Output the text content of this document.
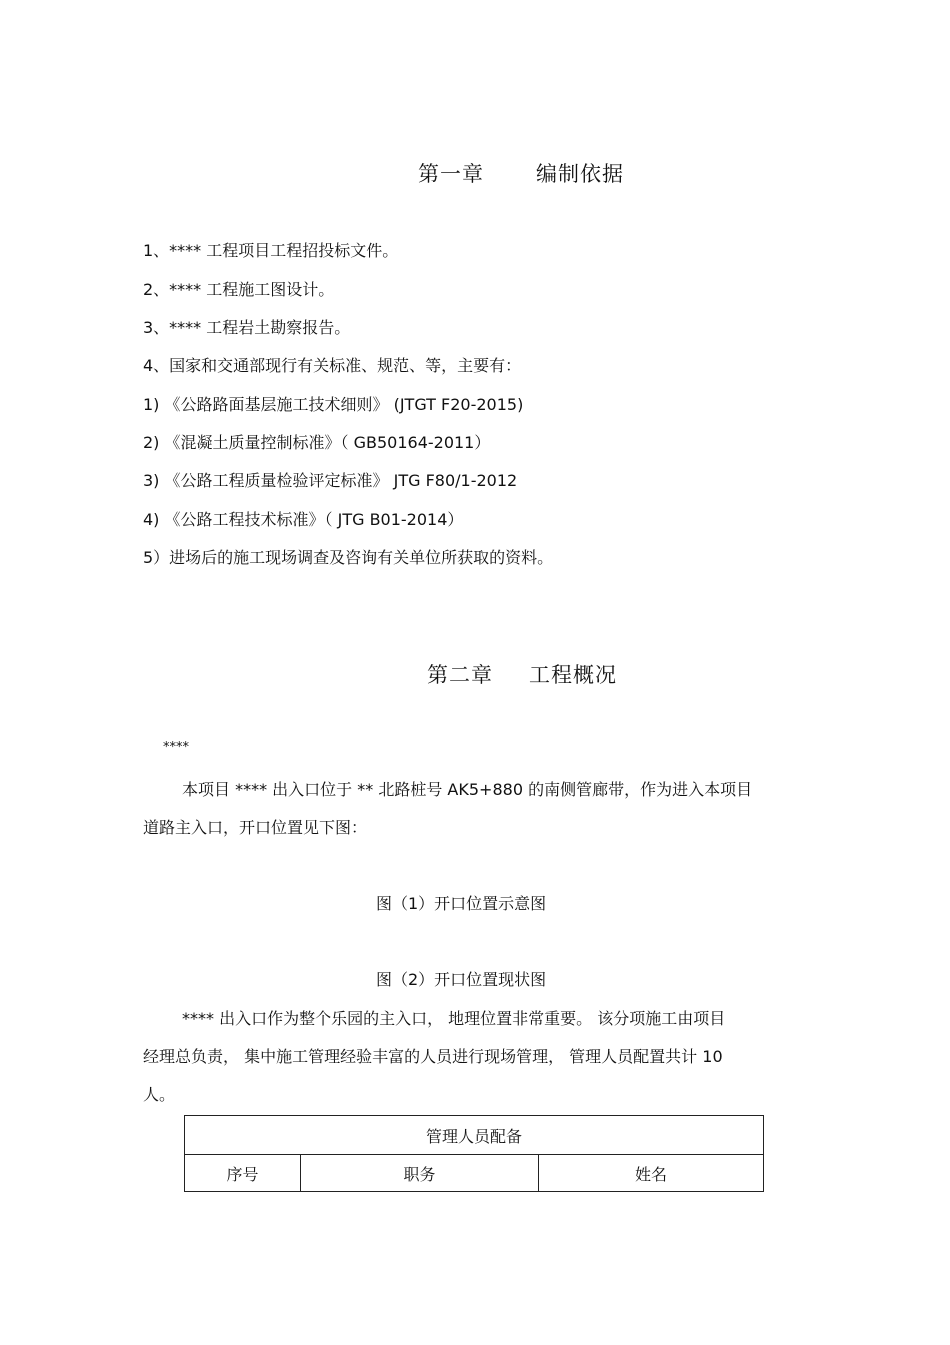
第一章 编制依据
1、**** 工程项目工程招投标文件。
2、**** 工程施工图设计。
3、**** 工程岩土勘察报告。
4、国家和交通部现行有关标准、规范、等，主要有：
1) 《公路路面基层施工技术细则》 (JTGT F20-2015)
2) 《混凝土质量控制标准》（ GB50164-2011）
3) 《公路工程质量检验评定标准》 JTG F80/1-2012
4) 《公路工程技术标准》（ JTG B01-2014）
5）进场后的施工现场调查及咨询有关单位所获取的资料。
第二章 工程概况
****
本项目 **** 出入口位于 ** 北路桩号 AK5+880 的南侧管廊带，作为进入本项目
道路主入口，开口位置见下图：
图（1）开口位置示意图
图（2）开口位置现状图
**** 出入口作为整个乐园的主入口， 地理位置非常重要。 该分项施工由项目
经理总负责， 集中施工管理经验丰富的人员进行现场管理， 管理人员配置共计 10
人。
管理人员配备
序号	职务	姓名
